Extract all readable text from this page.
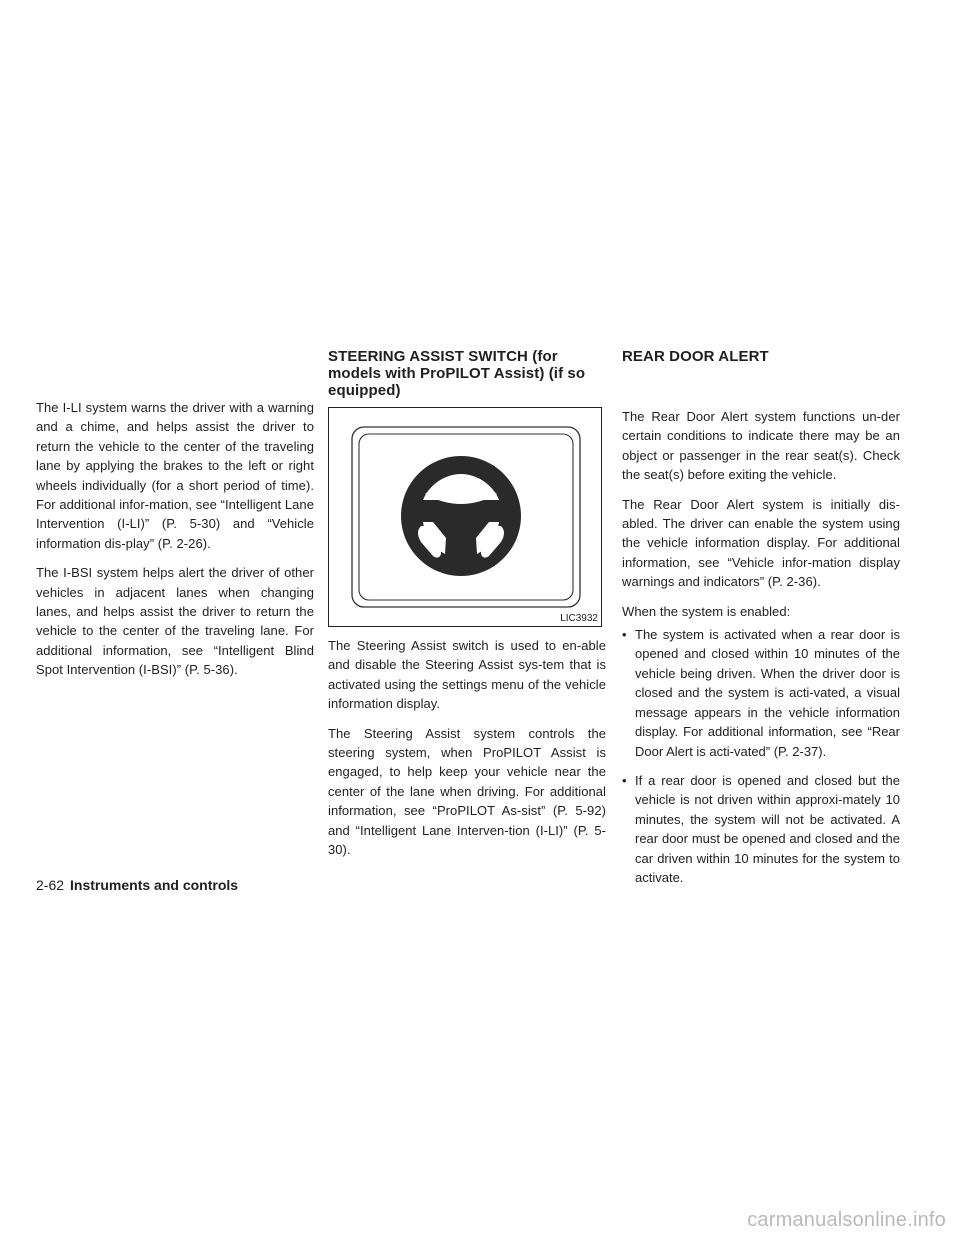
The I-LI system warns the driver with a warning and a chime, and helps assist the driver to return the vehicle to the center of the traveling lane by applying the brakes to the left or right wheels individually (for a short period of time). For additional infor-mation, see “Intelligent Lane Intervention (I-LI)” (P. 5-30) and “Vehicle information dis-play” (P. 2-26).

The I-BSI system helps alert the driver of other vehicles in adjacent lanes when changing lanes, and helps assist the driver to return the vehicle to the center of the traveling lane. For additional information, see “Intelligent Blind Spot Intervention (I-BSI)” (P. 5-36).

STEERING ASSIST SWITCH (for models with ProPILOT Assist) (if so equipped)
LIC3932

The Steering Assist switch is used to en-able and disable the Steering Assist sys-tem that is activated using the settings menu of the vehicle information display.

The Steering Assist system controls the steering system, when ProPILOT Assist is engaged, to help keep your vehicle near the center of the lane when driving. For additional information, see “ProPILOT As-sist” (P. 5-92) and “Intelligent Lane Interven-tion (I-LI)” (P. 5-30).

REAR DOOR ALERT

The Rear Door Alert system functions un-der certain conditions to indicate there may be an object or passenger in the rear seat(s). Check the seat(s) before exiting the vehicle.

The Rear Door Alert system is initially dis-abled. The driver can enable the system using the vehicle information display. For additional information, see “Vehicle infor-mation display warnings and indicators” (P. 2-36).

When the system is enabled:

• The system is activated when a rear door is opened and closed within 10 minutes of the vehicle being driven. When the driver door is closed and the system is acti-vated, a visual message appears in the vehicle information display. For additional information, see “Rear Door Alert is acti-vated” (P. 2-37).
• If a rear door is opened and closed but the vehicle is not driven within approxi-mately 10 minutes, the system will not be activated. A rear door must be opened and closed and the car driven within 10 minutes for the system to activate.
2-62 Instruments and controls
carmanualsonline.info
